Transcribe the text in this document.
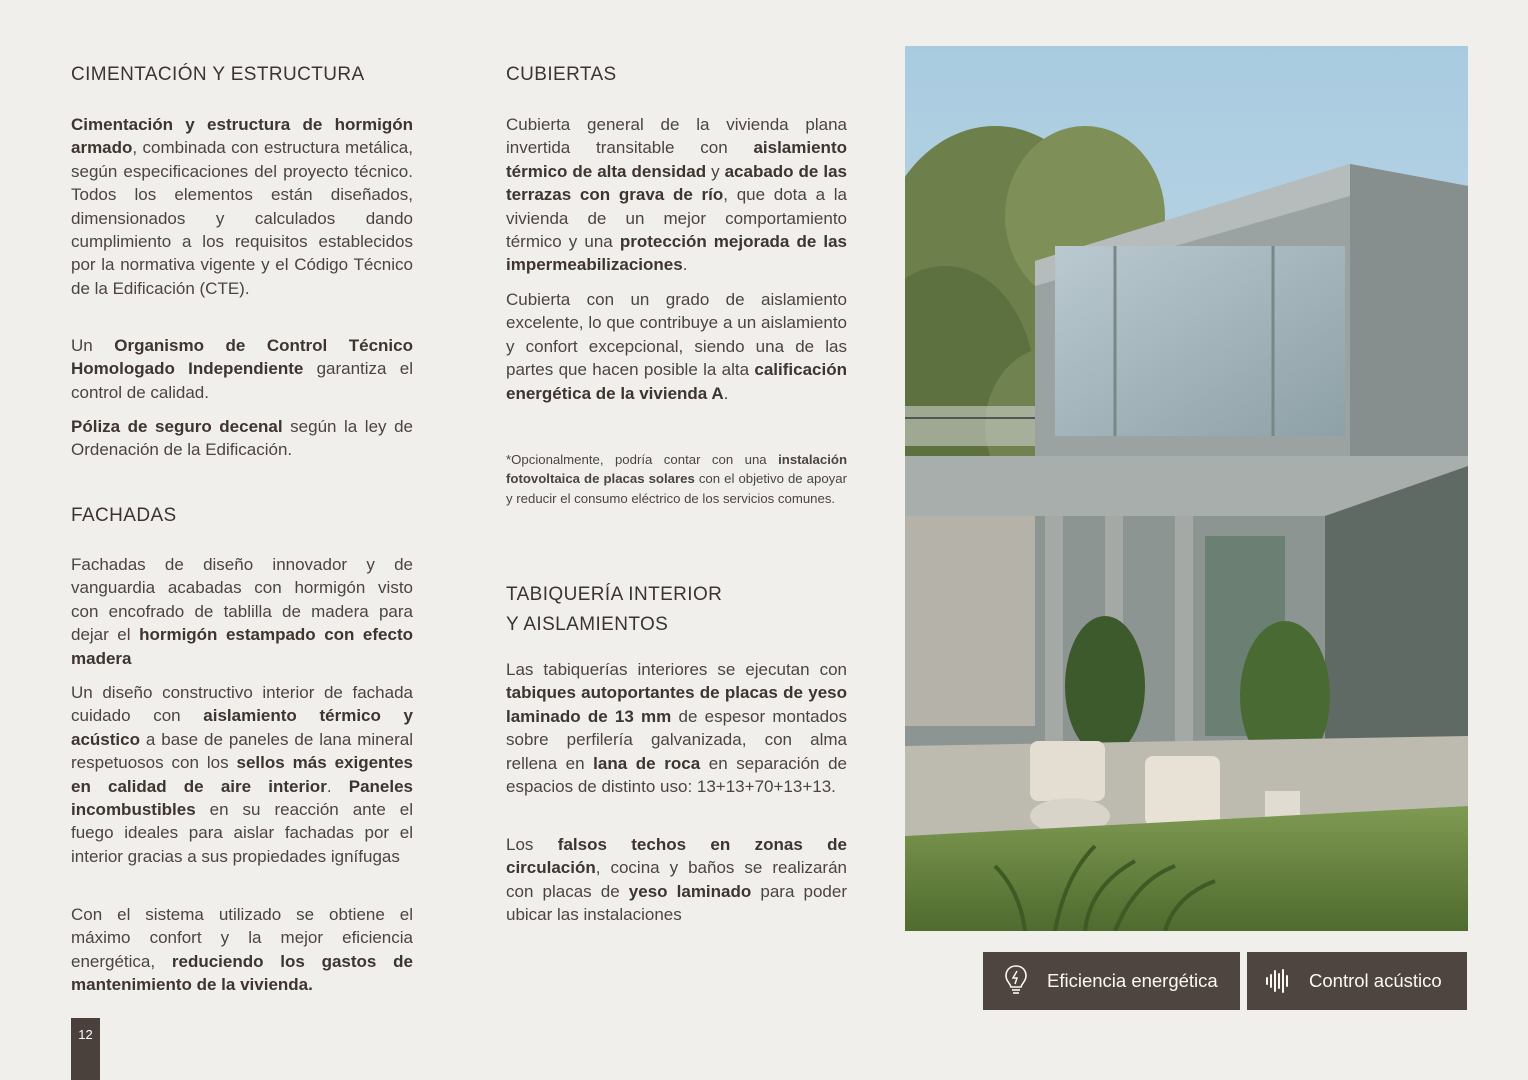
CIMENTACIÓN Y ESTRUCTURA

Cimentación y estructura de hormigón armado, combinada con estructura metálica, según especificaciones del proyecto técnico. Todos los elementos están diseñados, dimensionados y calculados dando cumplimiento a los requisitos establecidos por la normativa vigente y el Código Técnico de la Edificación (CTE).

Un Organismo de Control Técnico Homologado Independiente garantiza el control de calidad.

Póliza de seguro decenal según la ley de Ordenación de la Edificación.

FACHADAS

Fachadas de diseño innovador y de vanguardia acabadas con hormigón visto con encofrado de tablilla de madera para dejar el hormigón estampado con efecto madera

Un diseño constructivo interior de fachada cuidado con aislamiento térmico y acústico a base de paneles de lana mineral respetuosos con los sellos más exigentes en calidad de aire interior. Paneles incombustibles en su reacción ante el fuego ideales para aislar fachadas por el interior gracias a sus propiedades ignífugas

Con el sistema utilizado se obtiene el máximo confort y la mejor eficiencia energética, reduciendo los gastos de mantenimiento de la vivienda.

CUBIERTAS

Cubierta general de la vivienda plana invertida transitable con aislamiento térmico de alta densidad y acabado de las terrazas con grava de río, que dota a la vivienda de un mejor comportamiento térmico y una protección mejorada de las impermeabilizaciones.

Cubierta con un grado de aislamiento excelente, lo que contribuye a un aislamiento y confort excepcional, siendo una de las partes que hacen posible la alta calificación energética de la vivienda A.

*Opcionalmente, podría contar con una instalación fotovoltaica de placas solares con el objetivo de apoyar y reducir el consumo eléctrico de los servicios comunes.

TABIQUERÍA INTERIOR
Y AISLAMIENTOS

Las tabiquerías interiores se ejecutan con tabiques autoportantes de placas de yeso laminado de 13 mm de espesor montados sobre perfilería galvanizada, con alma rellena en lana de roca en separación de espacios de distinto uso: 13+13+70+13+13.

Los falsos techos en zonas de circulación, cocina y baños se realizarán con placas de yeso laminado para poder ubicar las instalaciones

Eficiencia energética	Control acústico
12
